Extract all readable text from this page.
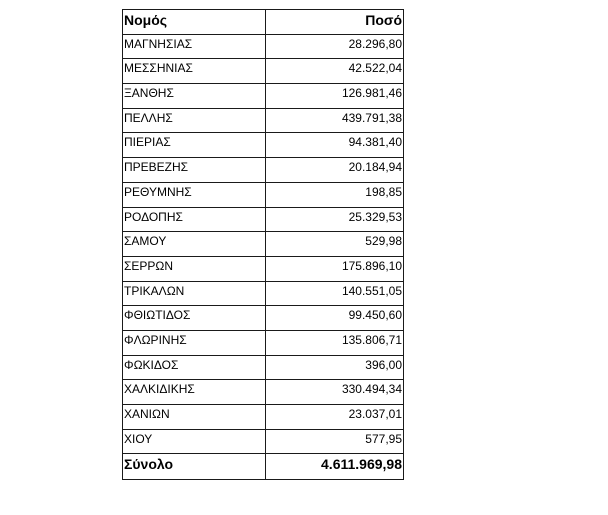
Νομός	Ποσό
ΜΑΓΝΗΣΙΑΣ	28.296,80
ΜΕΣΣΗΝΙΑΣ	42.522,04
ΞΑΝΘΗΣ	126.981,46
ΠΕΛΛΗΣ	439.791,38
ΠΙΕΡΙΑΣ	94.381,40
ΠΡΕΒΕΖΗΣ	20.184,94
ΡΕΘΥΜΝΗΣ	198,85
ΡΟΔΟΠΗΣ	25.329,53
ΣΑΜΟΥ	529,98
ΣΕΡΡΩΝ	175.896,10
ΤΡΙΚΑΛΩΝ	140.551,05
ΦΘΙΩΤΙΔΟΣ	99.450,60
ΦΛΩΡΙΝΗΣ	135.806,71
ΦΩΚΙΔΟΣ	396,00
ΧΑΛΚΙΔΙΚΗΣ	330.494,34
ΧΑΝΙΩΝ	23.037,01
ΧΙΟΥ	577,95
Σύνολο	4.611.969,98
